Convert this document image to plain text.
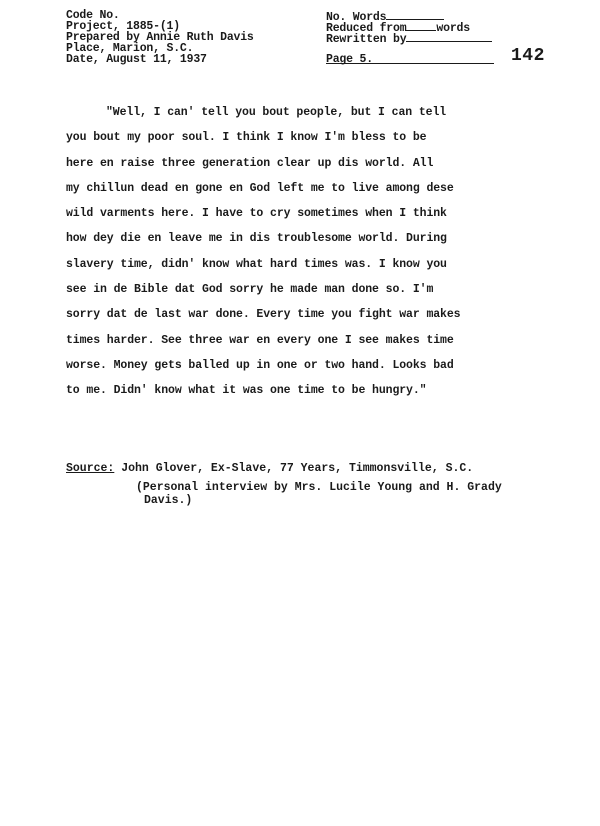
Code No.
Project, 1885-(1)
Prepared by Annie Ruth Davis
Place, Marion, S.C.
Date, August 11, 1937
No. Words
Reduced from	words
Rewritten by
Page 5.	142
"Well, I can' tell you bout people, but I can tell
you bout my poor soul. I think I know I'm bless to be
here en raise three generation clear up dis world. All
my chillun dead en gone en God left me to live among dese
wild varments here. I have to cry sometimes when I think
how dey die en leave me in dis troublesome world. During
slavery time, didn' know what hard times was. I know you
see in de Bible dat God sorry he made man done so. I'm
sorry dat de last war done. Every time you fight war makes
times harder. See three war en every one I see makes time
worse. Money gets balled up in one or two hand. Looks bad
to me. Didn' know what it was one time to be hungry."
Source: John Glover, Ex-Slave, 77 Years, Timmonsville, S.C.
(Personal interview by Mrs. Lucile Young and H. Grady
Davis.)
